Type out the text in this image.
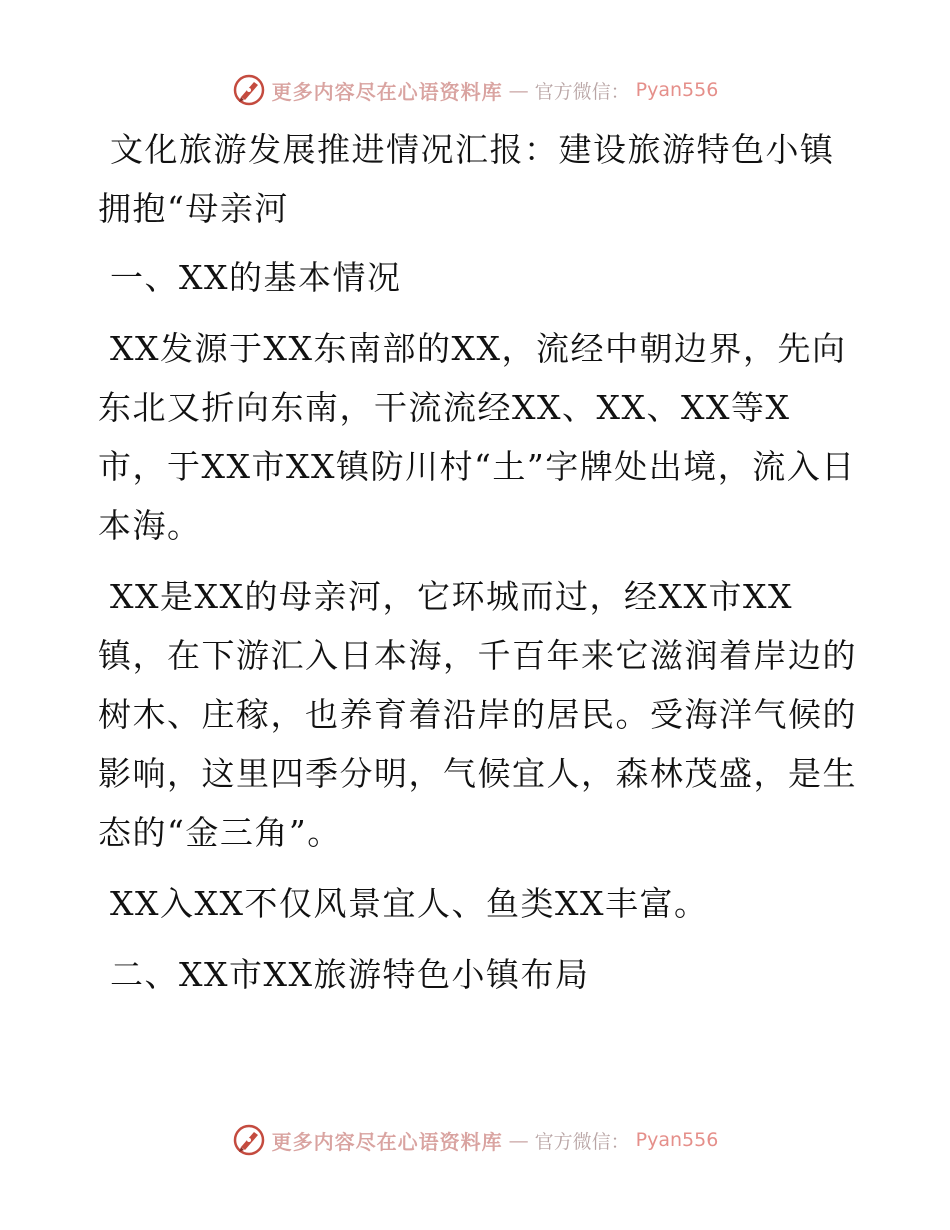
更多内容尽在心语资料库 — 官方微信： Pyan556

文化旅游发展推进情况汇报：建设旅游特色小镇拥抱“母亲河

一、XX的基本情况

XX发源于XX东南部的XX，流经中朝边界，先向东北又折向东南，干流流经XX、XX、XX等X市，于XX市XX镇防川村“土”字牌处出境，流入日本海。

XX是XX的母亲河，它环城而过，经XX市XX镇，在下游汇入日本海，千百年来它滋润着岸边的树木、庄稼，也养育着沿岸的居民。受海洋气候的影响，这里四季分明，气候宜人，森林茂盛，是生态的“金三角”。

XX入XX不仅风景宜人、鱼类XX丰富。

二、XX市XX旅游特色小镇布局

更多内容尽在心语资料库 — 官方微信： Pyan556
